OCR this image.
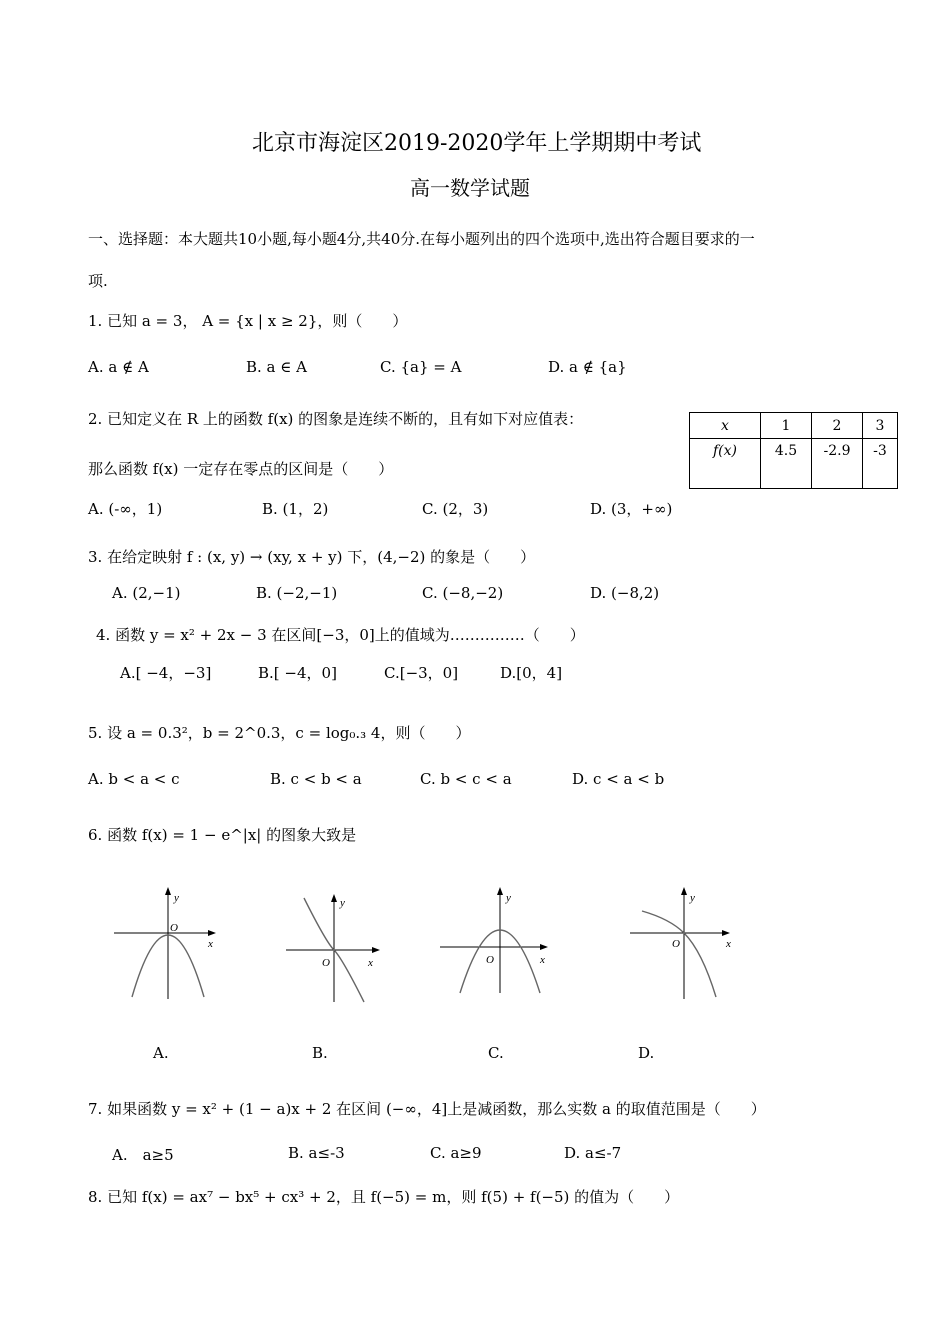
北京市海淀区2019-2020学年上学期期中考试
高一数学试题
一、选择题：本大题共10小题,每小题4分,共40分.在每小题列出的四个选项中,选出符合题目要求的一
项.
1. 已知 a = 3， A = {x | x ≥ 2}，则（　　）
A. a ∉ A	B. a ∈ A	C. {a} = A	D. a ∉ {a}
2. 已知定义在 R 上的函数 f(x) 的图象是连续不断的，且有如下对应值表：	x	1	2	3
f(x)	4.5	-2.9	-3
那么函数 f(x) 一定存在零点的区间是（　　）
A. (-∞，1)	B. (1，2)	C. (2，3)	D. (3，+∞)
3. 在给定映射 f : (x, y) → (xy, x + y) 下，(4,−2) 的象是（　　）
A. (2,−1)	B. (−2,−1)	C. (−8,−2)	D. (−8,2)
4. 函数 y = x² + 2x − 3 在区间[−3，0]上的值域为……………（　　）
A.[ −4，−3]	B.[ −4，0]	C.[−3，0]	D.[0，4]
5. 设 a = 0.3²，b = 2^0.3，c = log₀.₃ 4，则（　　）
A. b < a < c	B. c < b < a	C. b < c < a	D. c < a < b
6. 函数 f(x) = 1 − e^|x| 的图象大致是
y
x
O
y
x
O
y
x
O
y
x
O
A.	B.	C.	D.
7. 如果函数 y = x² + (1 − a)x + 2 在区间 (−∞，4]上是减函数，那么实数 a 的取值范围是（　　）
A.　a≥5	B. a≤-3	C. a≥9	D. a≤-7
8. 已知 f(x) = ax⁷ − bx⁵ + cx³ + 2，且 f(−5) = m，则 f(5) + f(−5) 的值为（　　）
